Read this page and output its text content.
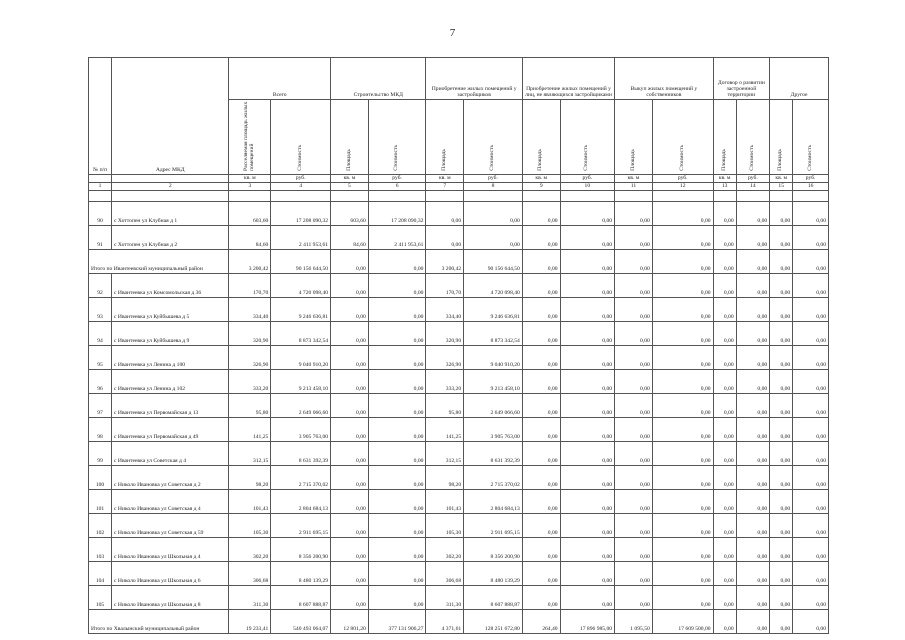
7
№ п/п	Адрес МКД	Всего		Строительство МКД		Приобретение жилых помещений у застройщиков		Приобретение жилых помещений у лиц, не являющихся застройщиками		Выкуп жилых помещений у собственников		Договор о развитии застроенной территории		Другое	
		Расселяемая площадь жилых помещений	Стоимость	Площадь	Стоимость	Площадь	Стоимость	Площадь	Стоимость	Площадь	Стоимость	Площадь	Стоимость	Площадь	Стоимость
		кв. м	руб.	кв. м	руб.	кв. м	руб.	кв. м	руб.	кв. м	руб.	кв. м	руб.	кв. м	руб.
1	2	3	4	5	6	7	8	9	10	11	12	13	14	15	16

90	с Хоттопен ул Клубная д 1	603,60	17 208 090,32	603,60	17 208 090,32	0,00	0,00	0,00	0,00	0,00	0,00	0,00	0,00	0,00	0,00
91	с Хоттопен ул Клубная д 2	84,60	2 411 953,61	84,60	2 411 953,61	0,00	0,00	0,00	0,00	0,00	0,00	0,00	0,00	0,00	0,00
Итого по Ивантеевский муниципальный район		3 200,42	90 156 644,50	0,00	0,00	3 200,42	90 156 644,50	0,00	0,00	0,00	0,00	0,00	0,00	0,00	0,00
92	с Ивантеевка ул Комсомольская д 36	170,70	4 720 098,40	0,00	0,00	170,70	4 720 098,40	0,00	0,00	0,00	0,00	0,00	0,00	0,00	0,00
93	с Ивантеевка ул Куйбышева д 5	334,40	9 246 636,81	0,00	0,00	334,40	9 246 636,81	0,00	0,00	0,00	0,00	0,00	0,00	0,00	0,00
94	с Ивантеевка ул Куйбышева д 9	320,90	8 873 342,54	0,00	0,00	320,90	8 873 342,54	0,00	0,00	0,00	0,00	0,00	0,00	0,00	0,00
95	с Ивантеевка ул Ленина д 100	326,90	9 040 910,20	0,00	0,00	326,90	9 040 910,20	0,00	0,00	0,00	0,00	0,00	0,00	0,00	0,00
96	с Ивантеевка ул Ленина д 102	333,20	9 213 458,10	0,00	0,00	333,20	9 213 458,10	0,00	0,00	0,00	0,00	0,00	0,00	0,00	0,00
97	с Ивантеевка ул Первомайская д 13	95,80	2 649 066,60	0,00	0,00	95,80	2 649 066,60	0,00	0,00	0,00	0,00	0,00	0,00	0,00	0,00
98	с Ивантеевка ул Первомайская д 49	141,25	3 905 763,00	0,00	0,00	141,25	3 905 763,00	0,00	0,00	0,00	0,00	0,00	0,00	0,00	0,00
99	с Ивантеевка ул Советская д 4	312,15	8 631 392,39	0,00	0,00	312,15	8 631 392,39	0,00	0,00	0,00	0,00	0,00	0,00	0,00	0,00
100	с Николо Ивановка ул Советская д 2	98,20	2 715 370,02	0,00	0,00	98,20	2 715 370,02	0,00	0,00	0,00	0,00	0,00	0,00	0,00	0,00
101	с Николо Ивановка ул Советская д 4	101,43	2 804 684,13	0,00	0,00	101,43	2 804 684,13	0,00	0,00	0,00	0,00	0,00	0,00	0,00	0,00
102	с Николо Ивановка ул Советская д 59	105,30	2 911 695,15	0,00	0,00	105,30	2 911 695,15	0,00	0,00	0,00	0,00	0,00	0,00	0,00	0,00
103	с Николо Ивановка ул Школьная д 4	302,20	8 356 200,90	0,00	0,00	302,20	8 356 200,90	0,00	0,00	0,00	0,00	0,00	0,00	0,00	0,00
104	с Николо Ивановка ул Школьная д 6	306,68	8 480 139,29	0,00	0,00	306,68	8 480 139,29	0,00	0,00	0,00	0,00	0,00	0,00	0,00	0,00
105	с Николо Ивановка ул Школьная д 8	311,30	8 607 888,87	0,00	0,00	311,30	8 607 888,87	0,00	0,00	0,00	0,00	0,00	0,00	0,00	0,00
Итого по Хвалынский муниципальный район		19 233,41	540 493 064,07	12 801,20	377 131 906,27	4 371,61	128 251 672,80	264,40	17 896 985,00	1 095,50	17 609 500,00	0,00	0,00	0,00	0,00
